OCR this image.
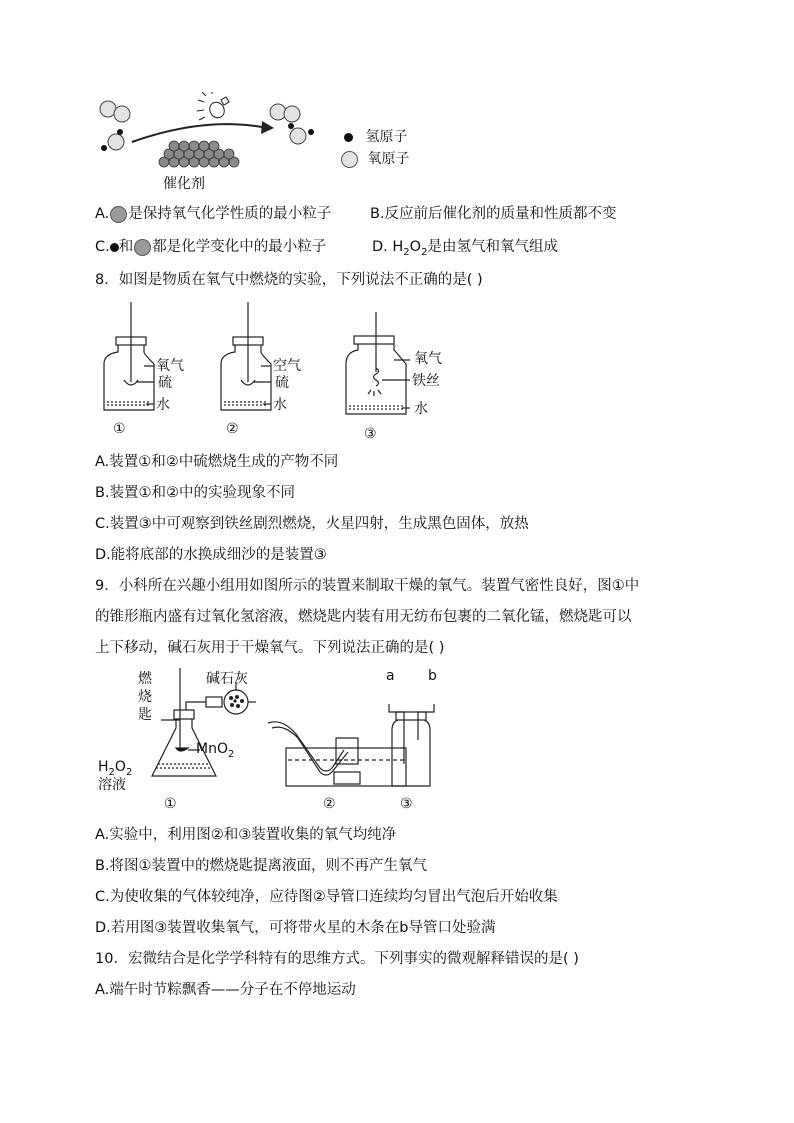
催化剂
氢原子
氧原子
A. 是保持氧气化学性质的最小粒子	B.反应前后催化剂的质量和性质都不变
C. 和 都是化学变化中的最小粒子	D. $H_2O_2$是由氢气和氧气组成
8．如图是物质在氧气中燃烧的实验，下列说法不正确的是( )
氧气
硫
水
①
空气
硫
水
②
氧气
铁丝
水
③
A.装置①和②中硫燃烧生成的产物不同
B.装置①和②中的实验现象不同
C.装置③中可观察到铁丝剧烈燃烧，火星四射，生成黑色固体，放热
D.能将底部的水换成细沙的是装置③
9．小科所在兴趣小组用如图所示的装置来制取干燥的氧气。装置气密性良好，图①中
的锥形瓶内盛有过氧化氢溶液，燃烧匙内装有用无纺布包裹的二氧化锰，燃烧匙可以
上下移动，碱石灰用于干燥氧气。下列说法正确的是( )
燃
烧
匙
碱石灰
MnO$_2$
$H_2O_2$
溶液
①	②	③
a b
A.实验中，利用图②和③装置收集的氧气均纯净
B.将图①装置中的燃烧匙提离液面，则不再产生氧气
C.为使收集的气体较纯净，应待图②导管口连续均匀冒出气泡后开始收集
D.若用图③装置收集氧气，可将带火星的木条在b导管口处验满
10．宏微结合是化学学科特有的思维方式。下列事实的微观解释错误的是( )
A.端午时节粽飘香——分子在不停地运动
